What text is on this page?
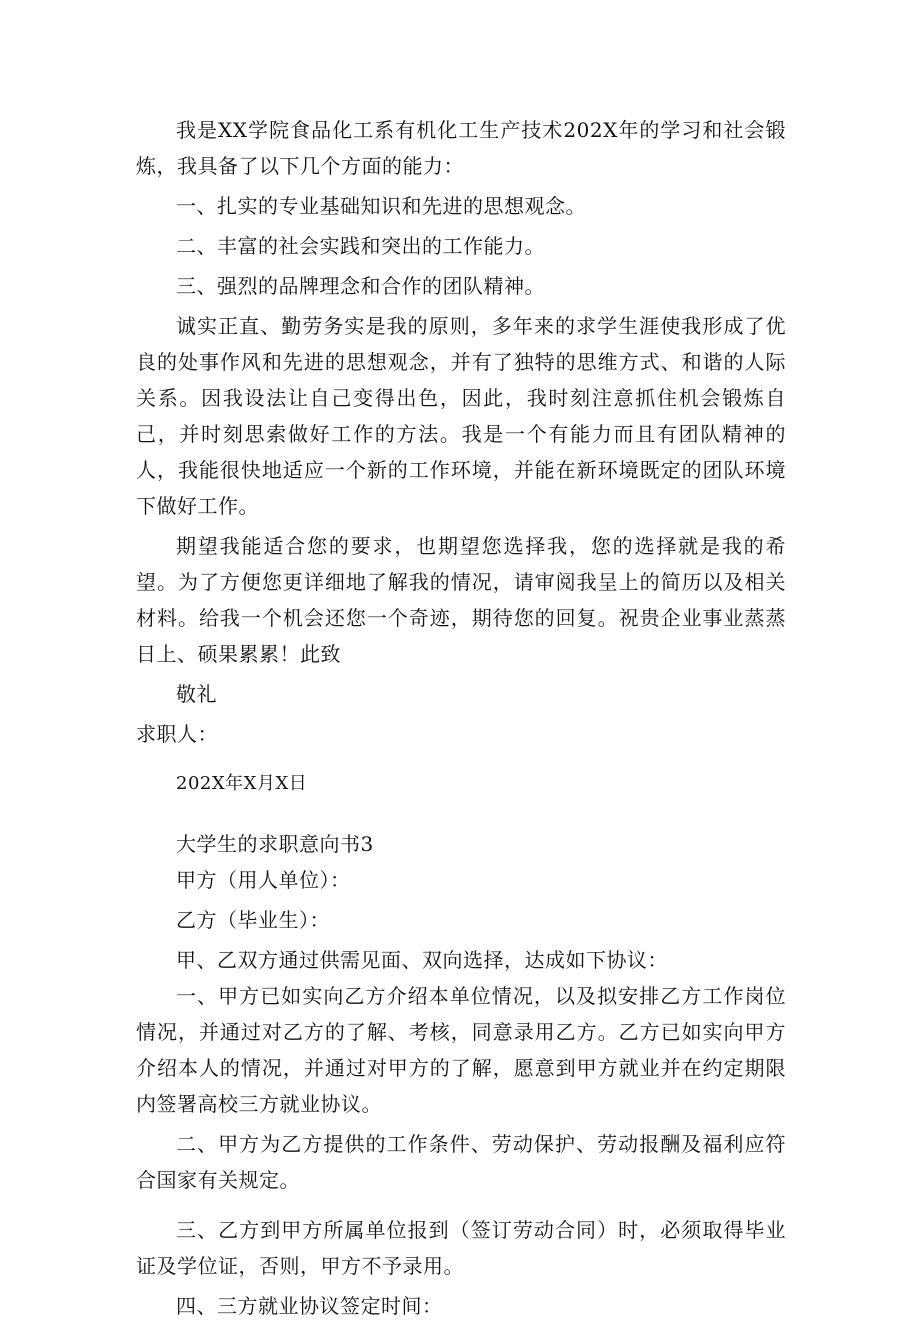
我是XX学院食品化工系有机化工生产技术202X年的学习和社会锻炼，我具备了以下几个方面的能力：

一、扎实的专业基础知识和先进的思想观念。

二、丰富的社会实践和突出的工作能力。

三、强烈的品牌理念和合作的团队精神。

诚实正直、勤劳务实是我的原则，多年来的求学生涯使我形成了优良的处事作风和先进的思想观念，并有了独特的思维方式、和谐的人际关系。因我设法让自己变得出色，因此，我时刻注意抓住机会锻炼自己，并时刻思索做好工作的方法。我是一个有能力而且有团队精神的人，我能很快地适应一个新的工作环境，并能在新环境既定的团队环境下做好工作。

期望我能适合您的要求，也期望您选择我，您的选择就是我的希望。为了方便您更详细地了解我的情况，请审阅我呈上的简历以及相关材料。给我一个机会还您一个奇迹，期待您的回复。祝贵企业事业蒸蒸日上、硕果累累！此致

敬礼

求职人：

202X年X月X日

大学生的求职意向书3

甲方（用人单位）：

乙方（毕业生）：

甲、乙双方通过供需见面、双向选择，达成如下协议：

一、甲方已如实向乙方介绍本单位情况，以及拟安排乙方工作岗位情况，并通过对乙方的了解、考核，同意录用乙方。乙方已如实向甲方介绍本人的情况，并通过对甲方的了解，愿意到甲方就业并在约定期限内签署高校三方就业协议。

二、甲方为乙方提供的工作条件、劳动保护、劳动报酬及福利应符合国家有关规定。

三、乙方到甲方所属单位报到（签订劳动合同）时，必须取得毕业证及学位证，否则，甲方不予录用。

四、三方就业协议签定时间：
